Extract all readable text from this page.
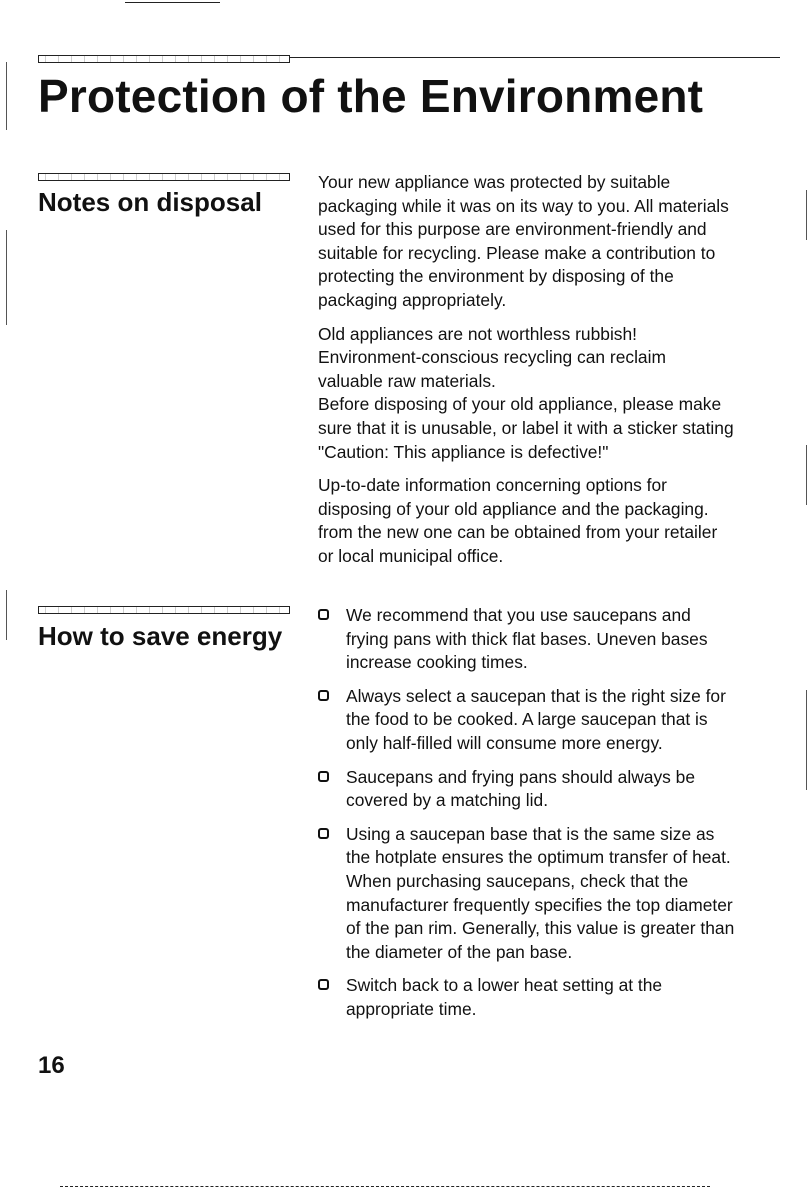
Protection of the Environment
Notes on disposal

Your new appliance was protected by suitable
packaging while it was on its way to you. All materials
used for this purpose are environment-friendly and
suitable for recycling. Please make a contribution to
protecting the environment by disposing of the
packaging appropriately.

Old appliances are not worthless rubbish!
Environment-conscious recycling can reclaim
valuable raw materials.
Before disposing of your old appliance, please make
sure that it is unusable, or label it with a sticker stating
"Caution: This appliance is defective!"

Up-to-date information concerning options for
disposing of your old appliance and the packaging.
from the new one can be obtained from your retailer
or local municipal office.

How to save energy
We recommend that you use saucepans and
frying pans with thick flat bases. Uneven bases
increase cooking times.
Always select a saucepan that is the right size for
the food to be cooked. A large saucepan that is
only half-filled will consume more energy.
Saucepans and frying pans should always be
covered by a matching lid.
Using a saucepan base that is the same size as
the hotplate ensures the optimum transfer of heat.
When purchasing saucepans, check that the
manufacturer frequently specifies the top diameter
of the pan rim. Generally, this value is greater than
the diameter of the pan base.
Switch back to a lower heat setting at the
appropriate time.
16
